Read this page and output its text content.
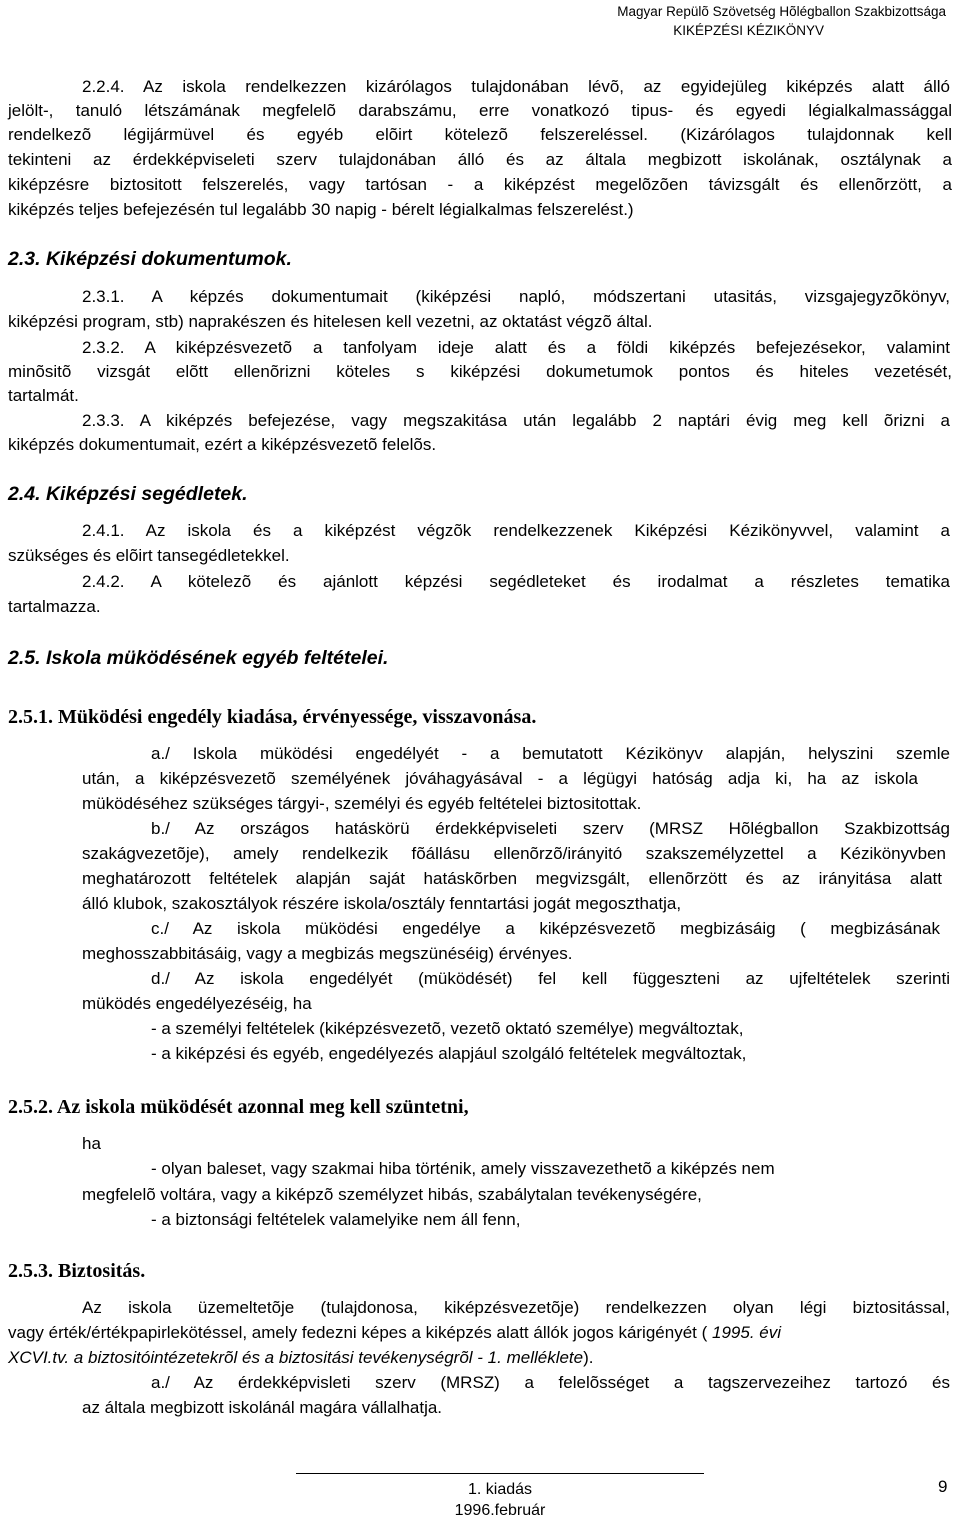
Magyar Repülõ Szövetség Hõlégballon Szakbizottsága
KIKÉPZÉSI KÉZIKÖNYV
2.2.4. Az iskola rendelkezzen kizárólagos tulajdonában lévõ, az egyidejüleg kiképzés alatt álló
jelölt-, tanuló létszámának megfelelõ darabszámu, erre vonatkozó tipus- és egyedi légialkalmassággal
rendelkezõ légijármüvel és egyéb elõirt kötelezõ felszereléssel. (Kizárólagos tulajdonnak kell
tekinteni az érdekképviseleti szerv tulajdonában álló és az általa megbizott iskolának, osztálynak a
kiképzésre biztositott felszerelés, vagy tartósan - a kiképzést megelõzõen távizsgált és ellenõrzött, a
kiképzés teljes befejezésén tul legalább 30 napig - bérelt légialkalmas felszerelést.)
2.3. Kiképzési dokumentumok.
2.3.1. A képzés dokumentumait (kiképzési napló, módszertani utasitás, vizsgajegyzõkönyv,
kiképzési program, stb) naprakészen és hitelesen kell vezetni, az oktatást végzõ által.
2.3.2. A kiképzésvezetõ a tanfolyam ideje alatt és a földi kiképzés befejezésekor, valamint
minõsitõ vizsgát elõtt ellenõrizni köteles s kiképzési dokumetumok pontos és hiteles vezetését,
tartalmát.
2.3.3. A kiképzés befejezése, vagy megszakitása után legalább 2 naptári évig meg kell õrizni a
kiképzés dokumentumait, ezért a kiképzésvezetõ felelõs.
2.4. Kiképzési segédletek.
2.4.1. Az iskola és a kiképzést végzõk rendelkezzenek Kiképzési Kézikönyvvel, valamint a
szükséges és elõirt tansegédletekkel.
2.4.2. A kötelezõ és ajánlott képzési segédleteket és irodalmat a részletes tematika
tartalmazza.
2.5. Iskola müködésének egyéb feltételei.
2.5.1. Müködési engedély kiadása, érvényessége, visszavonása.
a./ Iskola müködési engedélyét - a bemutatott Kézikönyv alapján, helyszini szemle
után, a kiképzésvezetõ személyének jóváhagyásával - a légügyi hatóság adja ki, ha az iskola
müködéséhez szükséges tárgyi-, személyi és egyéb feltételei biztositottak.
b./ Az országos hatáskörü érdekképviseleti szerv (MRSZ Hõlégballon Szakbizottság
szakágvezetõje), amely rendelkezik fõállásu ellenõrzõ/irányitó szakszemélyzettel a Kézikönyvben
meghatározott feltételek alapján saját hatáskõrben megvizsgált, ellenõrzött és az irányitása alatt
álló klubok, szakosztályok részére iskola/osztály fenntartási jogát megoszthatja,
c./ Az iskola müködési engedélye a kiképzésvezetõ megbizásáig ( megbizásának
meghosszabbitásáig, vagy a megbizás megszünéséig) érvényes.
d./ Az iskola engedélyét (müködését) fel kell függeszteni az ujfeltételek szerinti
müködés engedélyezéséig, ha
- a személyi feltételek (kiképzésvezetõ, vezetõ oktató személye) megváltoztak,
- a kiképzési és egyéb, engedélyezés alapjául szolgáló feltételek megváltoztak,
2.5.2. Az iskola müködését azonnal meg kell szüntetni,
ha
- olyan baleset, vagy szakmai hiba történik, amely visszavezethetõ a kiképzés nem
megfelelõ voltára, vagy a kiképzõ személyzet hibás, szabálytalan tevékenységére,
- a biztonsági feltételek valamelyike nem áll fenn,
2.5.3. Biztositás.
Az iskola üzemeltetõje (tulajdonosa, kiképzésvezetõje) rendelkezzen olyan légi biztositással,
vagy érték/értékpapirlekötéssel, amely fedezni képes a kiképzés alatt állók jogos kárigényét ( 1995. évi
XCVI.tv. a biztositóintézetekrõl és a biztositási tevékenységrõl - 1. melléklete).
a./ Az érdekképvisleti szerv (MRSZ) a felelõsséget a tagszervezeihez tartozó és
az általa megbizott iskolánál magára vállalhatja.
1. kiadás
1996.február
9
